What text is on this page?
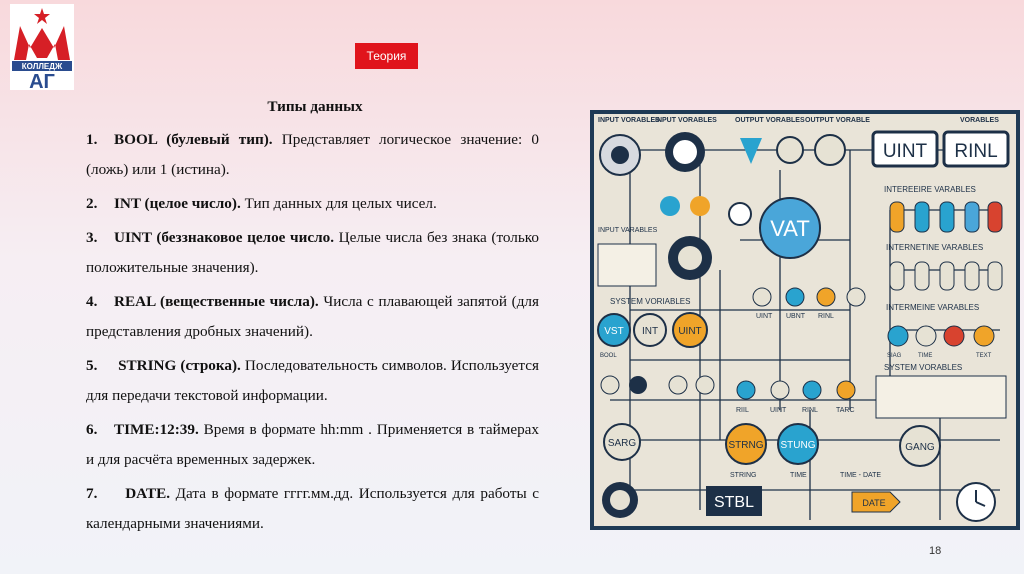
КОЛЛЕДЖ
АГ
Теория

Типы данных

1. BOOL (булевый тип). Представляет логическое значение: 0 (ложь) или 1 (истина).

2. INT (целое число). Тип данных для целых чисел.

3. UINT (беззнаковое целое число. Целые числа без знака (только положительные значения).

4. REAL (вещественные числа). Числа с плавающей запятой (для представления дробных значений).

5. STRING (строка). Последовательность символов. Используется для передачи текстовой информации.

6. TIME:12:39. Время в формате hh:mm . Применяется в таймерах и для расчёта временных задержек.

7.  DATE. Дата в формате гггг.мм.дд. Используется для работы с календарными значениями.

INPUT VORABLES
INPUT VORABLES	OUTPUT VORABLES OUTPUT VORABLE	VORABLES
UINT RINL
INTEREEIRE VARABLES
INTERNETINE VARABLES
INPUT VARABLES	VAT
SYSTEM VORIABLES
INTERMEINE VARABLES
VST INT UINT
BOOL
UINT UBNT RINL
SIAG	TIME	TEXT
SYSTEM VORABLES
RIIL	UINT RINL	TARC
SARG	STRNG STUNG	GANG
STRING	TIME	TIME - DATE
STBL	DATE
18
